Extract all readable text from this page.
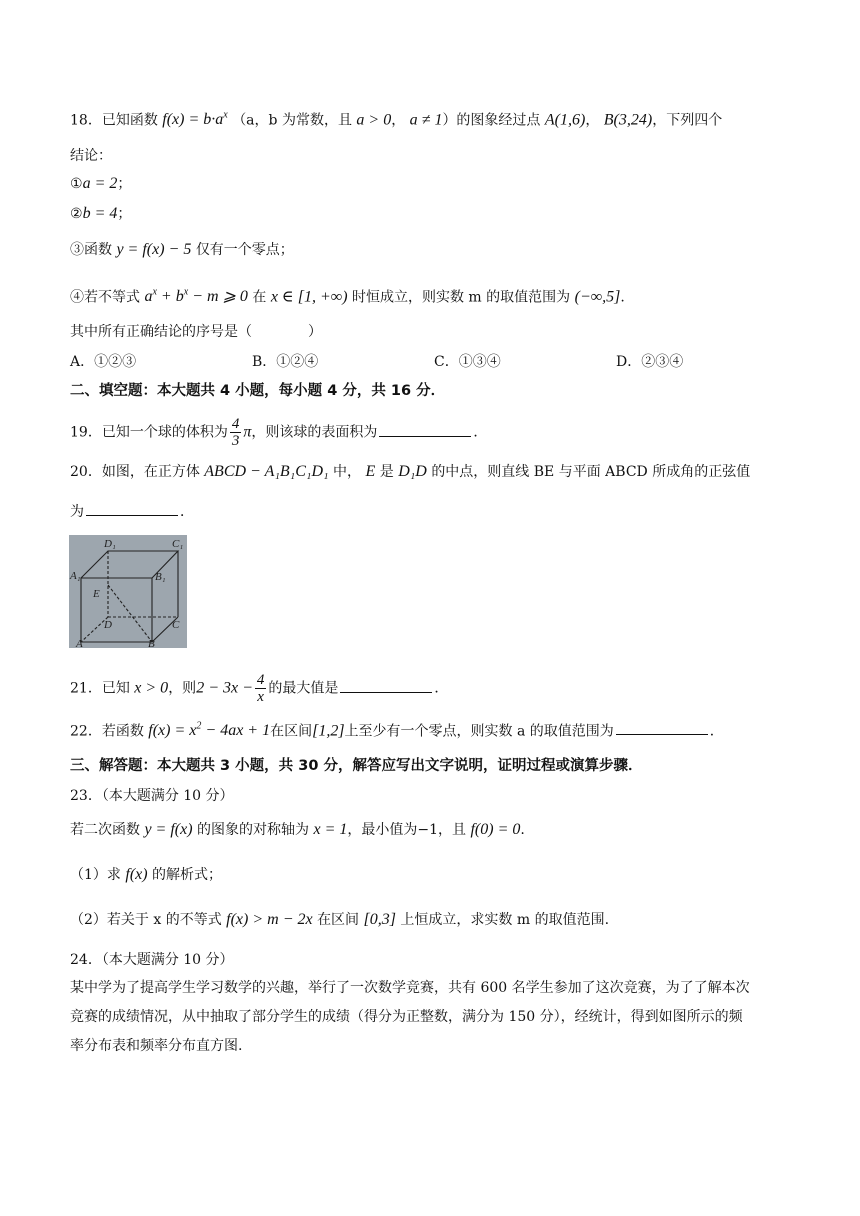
18．已知函数 $f(x) = b\cdot a^x$ （a，b 为常数，且 a > 0， a ≠ 1）的图象经过点 A(1,6)， B(3,24)，下列四个
结论：
①a = 2；
②b = 4；
③函数 y = f(x) − 5 仅有一个零点；
④若不等式 $a^x + b^x - m$ ⩾ 0 在 x ∈ [1, +∞) 时恒成立，则实数 m 的取值范围为 (−∞,5].
其中所有正确结论的序号是（　　　　）
A．①②③	B．①②④	C．①③④	D．②③④
二、填空题：本大题共 4 小题，每小题 4 分，共 16 分．
19．已知一个球的体积为 $\frac{4}{3}$ π，则该球的表面积为	．
20．如图，在正方体 ABCD − A₁B₁C₁D₁ 中， E 是 D₁D 的中点，则直线 BE 与平面 ABCD 所成角的正弦值
为	．
D₁	C₁
A₁	B₁
E
D	C
A	B
21．已知 x > 0，则$2 - 3x - \frac{4}{x}$ 的最大值是	．
22．若函数 $f(x) = x^2 - 4ax + 1$在区间[1,2]上至少有一个零点，则实数 a 的取值范围为	．
三、解答题：本大题共 3 小题，共 30 分，解答应写出文字说明，证明过程或演算步骤．
23．（本大题满分 10 分）
若二次函数 y = f(x) 的图象的对称轴为 x = 1，最小值为−1，且 f(0) = 0.
（1）求 f(x) 的解析式；
（2）若关于 x 的不等式 f(x) > m − 2x 在区间 [0,3] 上恒成立，求实数 m 的取值范围.
24．（本大题满分 10 分）
某中学为了提高学生学习数学的兴趣，举行了一次数学竞赛，共有 600 名学生参加了这次竞赛，为了了解本次
竞赛的成绩情况，从中抽取了部分学生的成绩（得分为正整数，满分为 150 分），经统计，得到如图所示的频
率分布表和频率分布直方图.
